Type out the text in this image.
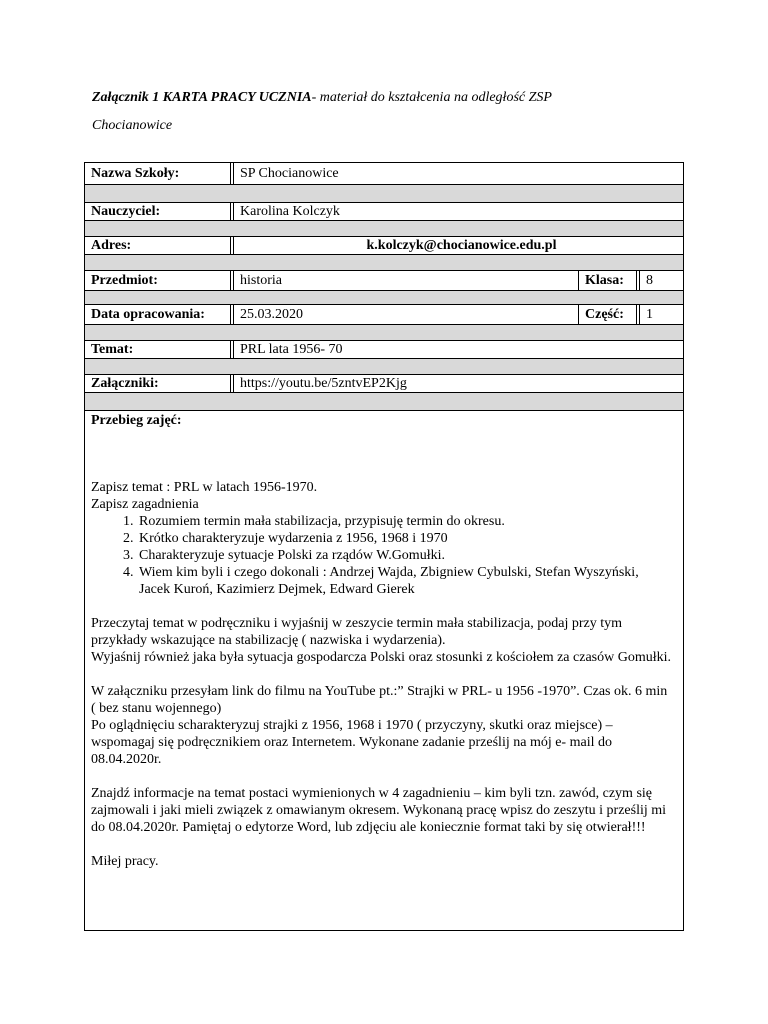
Załącznik 1 KARTA PRACY UCZNIA- materiał do kształcenia na odległość ZSP
Chocianowice
Nazwa Szkoły:	SP Chocianowice
Nauczyciel:	Karolina Kolczyk
Adres:	k.kolczyk@chocianowice.edu.pl
Przedmiot:	historia	Klasa:	8
Data opracowania:	25.03.2020	Część:	1
Temat:	PRL lata 1956- 70
Załączniki:	https://youtu.be/5zntvEP2Kjg
Przebieg zajęć:

Zapisz temat : PRL w latach 1956-1970.

Zapisz zagadnienia

1. Rozumiem termin mała stabilizacja, przypisuję termin do okresu.
2. Krótko charakteryzuje wydarzenia z 1956, 1968 i 1970
3. Charakteryzuje sytuacje Polski za rządów W.Gomułki.
4. Wiem kim byli i czego dokonali : Andrzej Wajda, Zbigniew Cybulski, Stefan Wyszyński, Jacek Kuroń, Kazimierz Dejmek, Edward Gierek

Przeczytaj temat w podręczniku i wyjaśnij w zeszycie termin mała stabilizacja, podaj przy tym przykłady wskazujące na stabilizację ( nazwiska i wydarzenia).

Wyjaśnij również jaka była sytuacja gospodarcza Polski oraz stosunki z kościołem za czasów Gomułki.

W załączniku przesyłam link do filmu na YouTube pt.:” Strajki w PRL- u 1956 -1970”. Czas ok. 6 min ( bez stanu wojennego)

Po oglądnięciu scharakteryzuj strajki z 1956, 1968 i 1970 ( przyczyny, skutki oraz miejsce) – wspomagaj się podręcznikiem oraz Internetem. Wykonane zadanie prześlij na mój e- mail do 08.04.2020r.

Znajdź informacje na temat postaci wymienionych w 4 zagadnieniu – kim byli tzn. zawód, czym się zajmowali i jaki mieli związek z omawianym okresem. Wykonaną pracę wpisz do zeszytu i prześlij mi do 08.04.2020r. Pamiętaj o edytorze Word, lub zdjęciu ale koniecznie format taki by się otwierał!!!

Miłej pracy.
